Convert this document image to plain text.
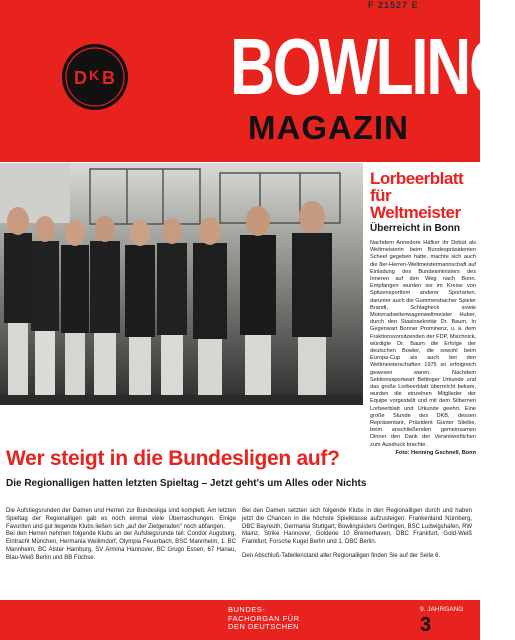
F 21527 E
D K B BOWLING
MAGAZIN
Lorbeerblatt
für Weltmeister
Überreicht in Bonn
Nachdem Annedore Häfker ihr Debüt als Weltmeisterin beim Bundespräsidenten Scheel gegeben hatte, machte sich auch die 8er-Herren-Weltmeistermannschaft auf Einladung des Bundesministers des Inneren auf den Weg nach Bonn. Empfangen wurden sie im Kreise von Spitzensportlern anderer Sportarten, darunter auch die Gummersbacher Spieler Brandt, Schlagheck sowie Motorradseitenwagenweltmeister Huber, durch den Staatssekretär Dr. Baum. In Gegenwart Bonner Prominenz, u. a. dem Fraktionsvorsitzenden der FDP, Mischnick, würdigte Dr. Baum die Erfolge der deutschen Bowler, die sowohl beim Europa-Cup als auch bei den Weltmeisterschaften 1975 so erfolgreich gewesen waren. Nachdem Sektionssportwart Bettinger Urkunde und das große Lorbeerblatt überreicht bekam, wurden die einzelnen Mitglieder der Equipe vorgestellt und mit dem Silbernen Lorbeerblatt und Urkunde geehrt. Eine große Stunde des DKB, dessen Repräsentant, Präsident Günter Stielke, beim anschließenden gemeinsamen Dinner den Dank der Verantwortlichen zum Ausdruck brachte.
Foto: Henning Gschnell, Bonn
Wer steigt in die Bundesligen auf?
Die Regionalligen hatten letzten Spieltag – Jetzt geht's um Alles oder Nichts

Die Aufstiegsrunden der Damen und Herren zur Bundesliga sind komplett. Am letzten Spieltag der Regionalligen gab es noch einmal viele Überraschungen. Einige Favoriten und gut liegende Klubs ließen sich „auf der Zielgeraden" noch abfangen.

Bei den Herren nehmen folgende Klubs an der Aufstiegsrunde teil: Condor Augsburg, Eintracht München, Hermania Weilimdorf, Olympia Feuerbach, BSC Mannheim, 1. BC Mannheim, BC Alster Hamburg, SV Armina Hannover, BC Grugo Essen, 67 Hanau, Blau-Weiß Berlin und BB Füchse.

Bei den Damen setzten sich folgende Klubs in den Regionalligen durch und haben jetzt die Chancen in die höchste Spielklasse aufzusteigen: Frankenland Nürnberg, DBC Bayreuth, Germania Stuttgart, Bowlingsisters Gerlingen, BSC Ludwigshafen, RW Mainz, Strike Hannover, Goldene 10 Bremerhaven, DBC Frankfurt, Gold-Weiß Frankfurt, Forsche Kugel Berlin und 1. DBC Berlin.

Den Abschluß-Tabellenstand aller Regionalligen finden Sie auf der Seite 6.

BUNDES-
FACHORGAN FÜR
DEN DEUTSCHEN
9. JAHRGANG
3
